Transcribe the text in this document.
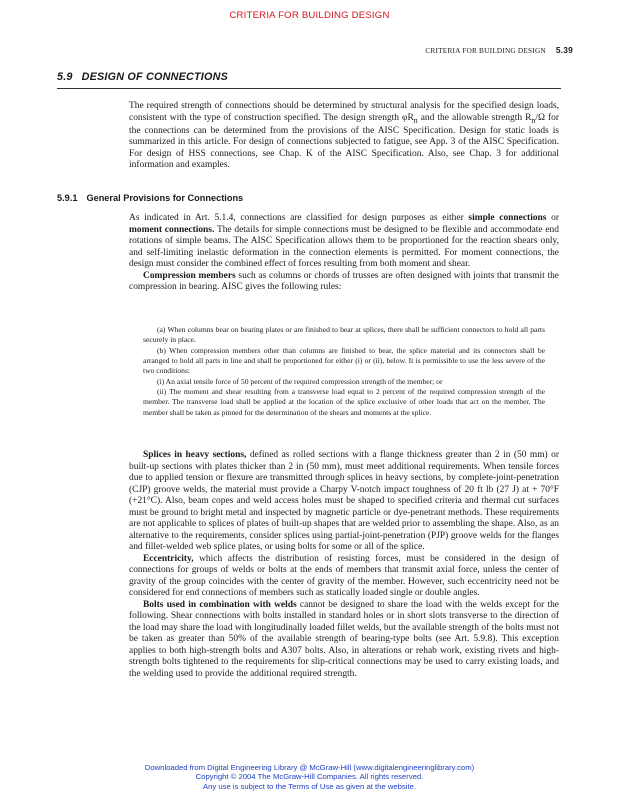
CRITERIA FOR BUILDING DESIGN
CRITERIA FOR BUILDING DESIGN 5.39
5.9 DESIGN OF CONNECTIONS

The required strength of connections should be determined by structural analysis for the specified design loads, consistent with the type of construction specified. The design strength $\varphi R_n$ and the allowable strength $R_n/\Omega$ for the connections can be determined from the provisions of the AISC Specification. Design for static loads is summarized in this article. For design of connections subjected to fatigue, see App. 3 of the AISC Specification. For design of HSS connections, see Chap. K of the AISC Specification. Also, see Chap. 3 for additional information and examples.

5.9.1 General Provisions for Connections

As indicated in Art. 5.1.4, connections are classified for design purposes as either simple connections or moment connections. The details for simple connections must be designed to be flexible and accommodate end rotations of simple beams. The AISC Specification allows them to be proportioned for the reaction shears only, and self-limiting inelastic deformation in the connection elements is permitted. For moment connections, the design must consider the combined effect of forces resulting from both moment and shear.

Compression members such as columns or chords of trusses are often designed with joints that transmit the compression in bearing. AISC gives the following rules:

(a) When columns bear on bearing plates or are finished to bear at splices, there shall be sufficient connectors to hold all parts securely in place.

(b) When compression members other than columns are finished to bear, the splice material and its connectors shall be arranged to hold all parts in line and shall be proportioned for either (i) or (ii), below. It is permissible to use the less severe of the two conditions:

(i) An axial tensile force of 50 percent of the required compression strength of the member; or

(ii) The moment and shear resulting from a transverse load equal to 2 percent of the required compression strength of the member. The transverse load shall be applied at the location of the splice exclusive of other loads that act on the member. The member shall be taken as pinned for the determination of the shears and moments at the splice.

Splices in heavy sections, defined as rolled sections with a flange thickness greater than 2 in (50 mm) or built-up sections with plates thicker than 2 in (50 mm), must meet additional requirements. When tensile forces due to applied tension or flexure are transmitted through splices in heavy sections, by complete-joint-penetration (CJP) groove welds, the material must provide a Charpy V-notch impact toughness of 20 ft lb (27 J) at + 70°F (+21°C). Also, beam copes and weld access holes must be shaped to specified criteria and thermal cut surfaces must be ground to bright metal and inspected by magnetic particle or dye-penetrant methods. These requirements are not applicable to splices of plates of built-up shapes that are welded prior to assembling the shape. Also, as an alternative to the requirements, consider splices using partial-joint-penetration (PJP) groove welds for the flanges and fillet-welded web splice plates, or using bolts for some or all of the splice.

Eccentricity, which affects the distribution of resisting forces, must be considered in the design of connections for groups of welds or bolts at the ends of members that transmit axial force, unless the center of gravity of the group coincides with the center of gravity of the member. However, such eccentricity need not be considered for end connections of members such as statically loaded single or double angles.

Bolts used in combination with welds cannot be designed to share the load with the welds except for the following. Shear connections with bolts installed in standard holes or in short slots transverse to the direction of the load may share the load with longitudinally loaded fillet welds, but the available strength of the bolts must not be taken as greater than 50% of the available strength of bearing-type bolts (see Art. 5.9.8). This exception applies to both high-strength bolts and A307 bolts. Also, in alterations or rehab work, existing rivets and high-strength bolts tightened to the requirements for slip-critical connections may be used to carry existing loads, and the welding used to provide the additional required strength.

Downloaded from Digital Engineering Library @ McGraw-Hill (www.digitalengineeringlibrary.com)
Copyright © 2004 The McGraw-Hill Companies. All rights reserved.
Any use is subject to the Terms of Use as given at the website.
